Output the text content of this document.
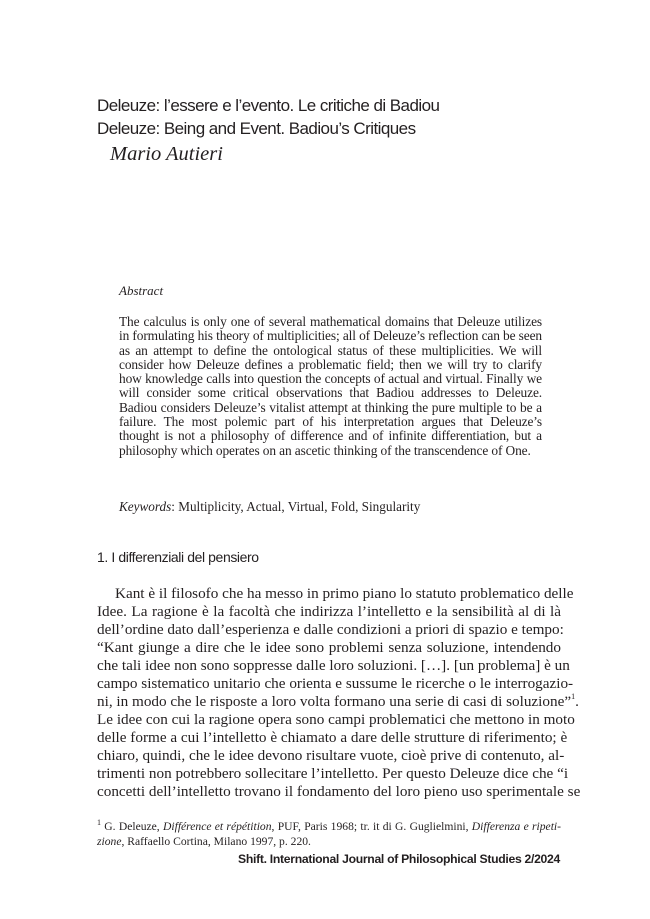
Deleuze: l’essere e l’evento. Le critiche di Badiou
Deleuze: Being and Event. Badiou’s Critiques
Mario Autieri
Abstract

The calculus is only one of several mathematical domains that Deleuze utilizes in formulating his theory of multiplicities; all of Deleuze’s reflection can be seen as an attempt to define the ontological status of these multiplicities. We will consider how Deleuze defines a problematic field; then we will try to clarify how knowledge calls into question the concepts of actual and virtual. Finally we will consider some critical observations that Badiou addresses to Deleuze. Badiou considers Deleuze’s vitalist attempt at thinking the pure multiple to be a failure. The most polemic part of his interpretation argues that Deleuze’s thought is not a philosophy of difference and of infinite differentiation, but a philosophy which operates on an ascetic thinking of the transcendence of One.

Keywords: Multiplicity, Actual, Virtual, Fold, Singularity
1. I differenziali del pensiero

Kant è il filosofo che ha messo in primo piano lo statuto problematico delle

Idee. La ragione è la facoltà che indirizza l’intelletto e la sensibilità al di là

dell’ordine dato dall’esperienza e dalle condizioni a priori di spazio e tempo:

“Kant giunge a dire che le idee sono problemi senza soluzione, intendendo

che tali idee non sono soppresse dalle loro soluzioni. […]. [un problema] è un

campo sistematico unitario che orienta e sussume le ricerche o le interrogazio-

ni, in modo che le risposte a loro volta formano una serie di casi di soluzione”$^1$.

Le idee con cui la ragione opera sono campi problematici che mettono in moto

delle forme a cui l’intelletto è chiamato a dare delle strutture di riferimento; è

chiaro, quindi, che le idee devono risultare vuote, cioè prive di contenuto, al-

trimenti non potrebbero sollecitare l’intelletto. Per questo Deleuze dice che “i

concetti dell’intelletto trovano il fondamento del loro pieno uso sperimentale se

$^1$ G. Deleuze, Différence et répétition, PUF, Paris 1968; tr. it di G. Guglielmini, Differenza e ripeti-zione, Raffaello Cortina, Milano 1997, p. 220.

Shift. International Journal of Philosophical Studies 2/2024
